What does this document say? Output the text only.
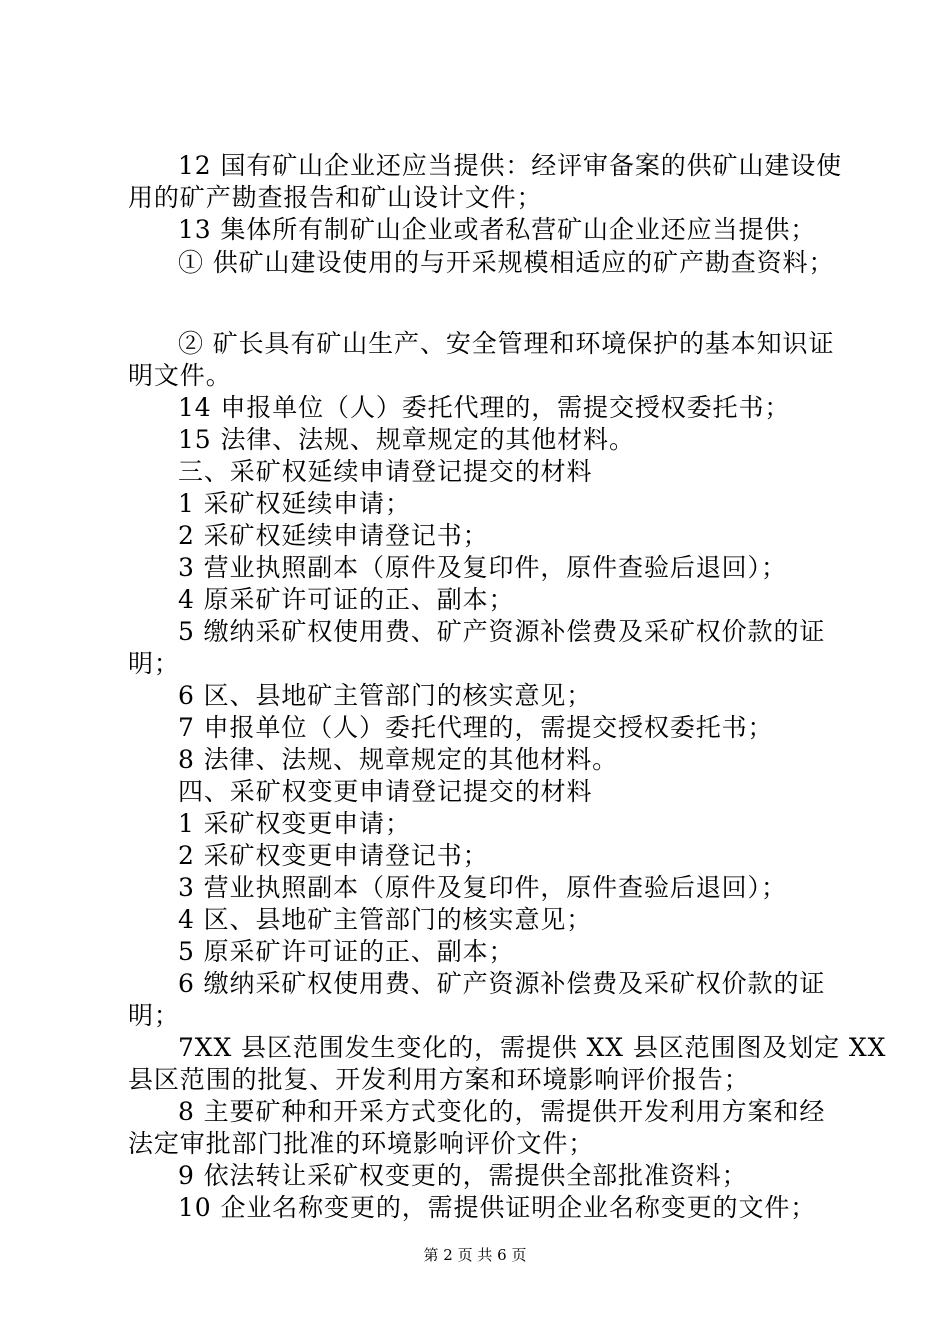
12 国有矿山企业还应当提供：经评审备案的供矿山建设使
用的矿产勘查报告和矿山设计文件；
13 集体所有制矿山企业或者私营矿山企业还应当提供；
① 供矿山建设使用的与开采规模相适应的矿产勘查资料；
② 矿长具有矿山生产、安全管理和环境保护的基本知识证
明文件。
14 申报单位（人）委托代理的，需提交授权委托书；
15 法律、法规、规章规定的其他材料。
三、采矿权延续申请登记提交的材料
1 采矿权延续申请；
2 采矿权延续申请登记书；
3 营业执照副本（原件及复印件，原件查验后退回）；
4 原采矿许可证的正、副本；
5 缴纳采矿权使用费、矿产资源补偿费及采矿权价款的证
明；
6 区、县地矿主管部门的核实意见；
7 申报单位（人）委托代理的，需提交授权委托书；
8 法律、法规、规章规定的其他材料。
四、采矿权变更申请登记提交的材料
1 采矿权变更申请；
2 采矿权变更申请登记书；
3 营业执照副本（原件及复印件，原件查验后退回）；
4 区、县地矿主管部门的核实意见；
5 原采矿许可证的正、副本；
6 缴纳采矿权使用费、矿产资源补偿费及采矿权价款的证
明；
7XX 县区范围发生变化的，需提供 XX 县区范围图及划定 XX
县区范围的批复、开发利用方案和环境影响评价报告；
8 主要矿种和开采方式变化的，需提供开发利用方案和经
法定审批部门批准的环境影响评价文件；
9 依法转让采矿权变更的，需提供全部批准资料；
10 企业名称变更的，需提供证明企业名称变更的文件；
第 2 页 共 6 页
